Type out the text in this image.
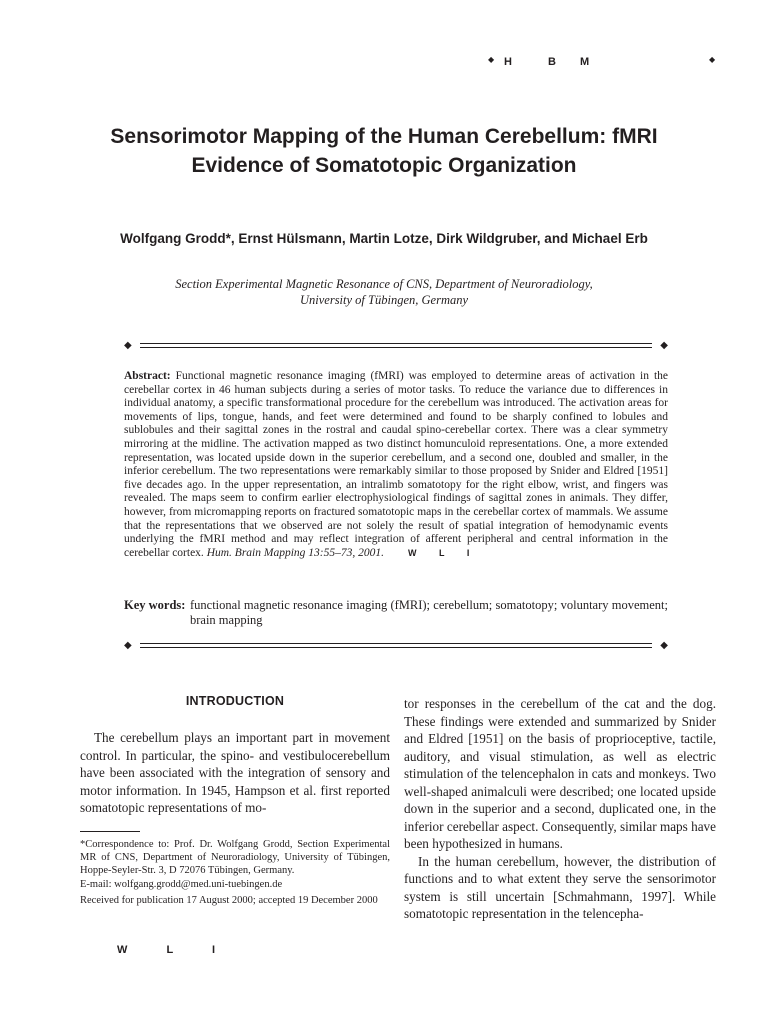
◆ H	B M	◆
Sensorimotor Mapping of the Human Cerebellum: fMRI Evidence of Somatotopic Organization
Wolfgang Grodd*, Ernst Hülsmann, Martin Lotze, Dirk Wildgruber, and Michael Erb
Section Experimental Magnetic Resonance of CNS, Department of Neuroradiology, University of Tübingen, Germany
◆	◆

Abstract: Functional magnetic resonance imaging (fMRI) was employed to determine areas of activation in the cerebellar cortex in 46 human subjects during a series of motor tasks. To reduce the variance due to differences in individual anatomy, a specific transformational procedure for the cerebellum was introduced. The activation areas for movements of lips, tongue, hands, and feet were determined and found to be sharply confined to lobules and sublobules and their sagittal zones in the rostral and caudal spino-cerebellar cortex. There was a clear symmetry mirroring at the midline. The activation mapped as two distinct homunculoid representations. One, a more extended representation, was located upside down in the superior cerebellum, and a second one, doubled and smaller, in the inferior cerebellum. The two representations were remarkably similar to those proposed by Snider and Eldred [1951] five decades ago. In the upper representation, an intralimb somatotopy for the right elbow, wrist, and fingers was revealed. The maps seem to confirm earlier electrophysiological findings of sagittal zones in animals. They differ, however, from micromapping reports on fractured somatotopic maps in the cerebellar cortex of mammals. We assume that the representations that we observed are not solely the result of spatial integration of hemodynamic events underlying the fMRI method and may reflect integration of afferent peripheral and central information in the cerebellar cortex. Hum. Brain Mapping 13:55–73, 2001.	W L I

Key words: functional magnetic resonance imaging (fMRI); cerebellum; somatotopy; voluntary movement; brain mapping
◆	◆
INTRODUCTION

The cerebellum plays an important part in movement control. In particular, the spino- and vestibulocerebellum have been associated with the integration of sensory and motor information. In 1945, Hampson et al. first reported somatotopic representations of mo-

tor responses in the cerebellum of the cat and the dog. These findings were extended and summarized by Snider and Eldred [1951] on the basis of proprioceptive, tactile, auditory, and visual stimulation, as well as electric stimulation of the telencephalon in cats and monkeys. Two well-shaped animalculi were described; one located upside down in the superior and a second, duplicated one, in the inferior cerebellar aspect. Consequently, similar maps have been hypothesized in humans.

In the human cerebellum, however, the distribution of functions and to what extent they serve the sensorimotor system is still uncertain [Schmahmann, 1997]. While somatotopic representation in the telencepha-

*Correspondence to: Prof. Dr. Wolfgang Grodd, Section Experimental MR of CNS, Department of Neuroradiology, University of Tübingen, Hoppe-Seyler-Str. 3, D 72076 Tübingen, Germany.

E-mail: wolfgang.grodd@med.uni-tuebingen.de

Received for publication 17 August 2000; accepted 19 December 2000

W L I
